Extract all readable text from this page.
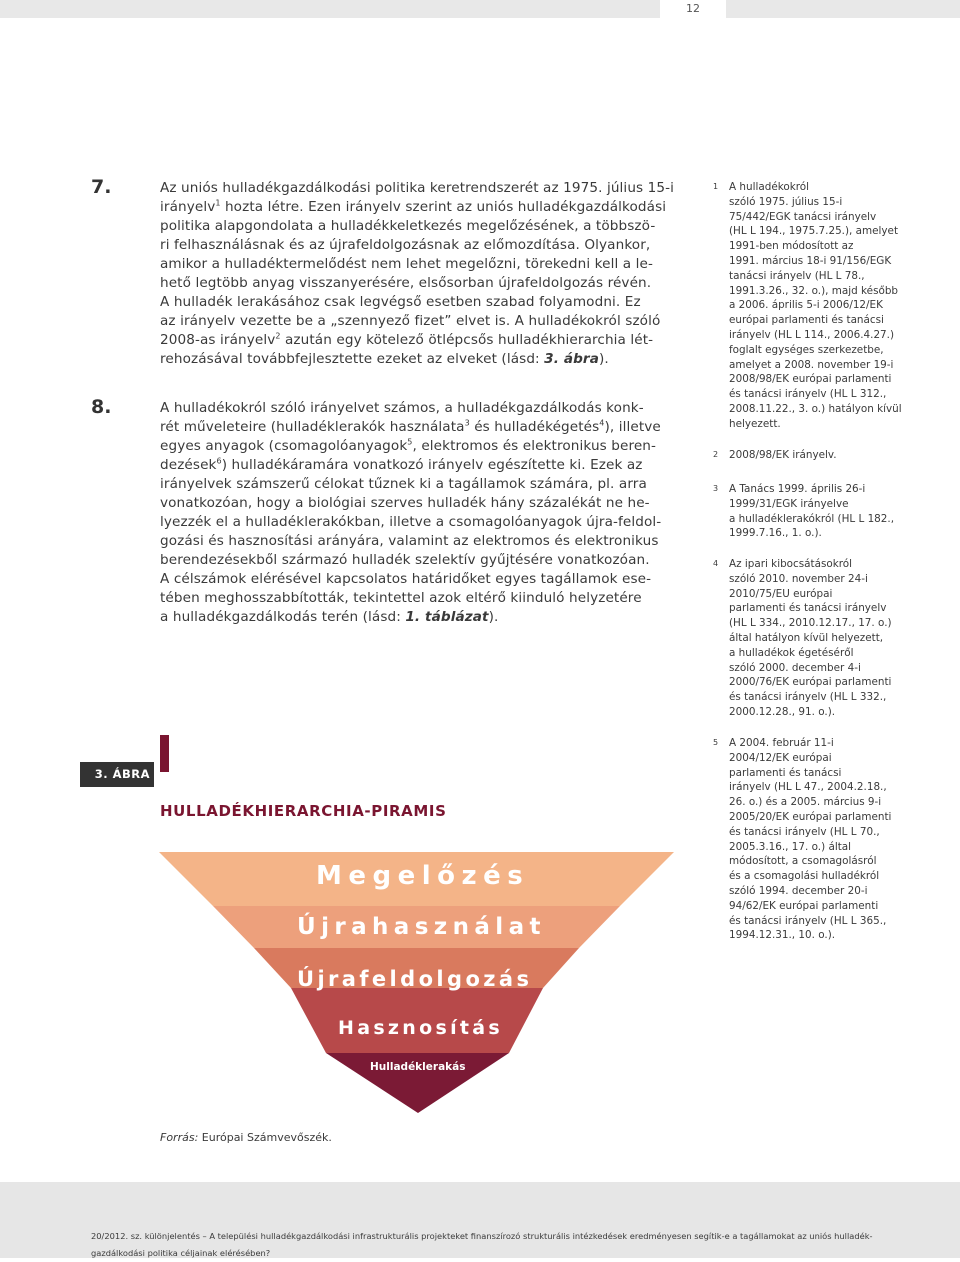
12
7.	Az uniós hulladékgazdálkodási politika keretrendszerét az 1975. július 15-i
irányelv$^1$ hozta létre. Ezen irányelv szerint az uniós hulladékgazdálkodási
politika alapgondolata a hulladékkeletkezés megelőzésének, a többszö-
ri felhasználásnak és az újrafeldolgozásnak az előmozdítása. Olyankor,
amikor a hulladéktermelődést nem lehet megelőzni, törekedni kell a le-
hető legtöbb anyag visszanyerésére, elsősorban újrafeldolgozás révén.
A hulladék lerakásához csak legvégső esetben szabad folyamodni. Ez
az irányelv vezette be a „szennyező fizet” elvet is. A hulladékokról szóló
2008-as irányelv$^2$ azután egy kötelező ötlépcsős hulladékhierarchia lét-
rehozásával továbbfejlesztette ezeket az elveket (lásd: 3. ábra).
8.	A hulladékokról szóló irányelvet számos, a hulladékgazdálkodás konk-
rét műveleteire (hulladéklerakók használata$^3$ és hulladékégetés$^4$), illetve
egyes anyagok (csomagolóanyagok$^5$, elektromos és elektronikus beren-
dezések$^6$) hulladékáramára vonatkozó irányelv egészítette ki. Ezek az
irányelvek számszerű célokat tűznek ki a tagállamok számára, pl. arra
vonatkozóan, hogy a biológiai szerves hulladék hány százalékát ne he-
lyezzék el a hulladéklerakókban, illetve a csomagolóanyagok újra-feldol-
gozási és hasznosítási arányára, valamint az elektromos és elektronikus
berendezésekből származó hulladék szelektív gyűjtésére vonatkozóan.
A célszámok elérésével kapcsolatos határidőket egyes tagállamok ese-
tében meghosszabbították, tekintettel azok eltérő kiinduló helyzetére
a hulladékgazdálkodás terén (lásd: 1. táblázat).
1 A hulladékokról
szóló 1975. július 15-i
75/442/EGK tanácsi irányelv
(HL L 194., 1975.7.25.), amelyet
1991-ben módosított az
1991. március 18-i 91/156/EGK
tanácsi irányelv (HL L 78.,
1991.3.26., 32. o.), majd később
a 2006. április 5-i 2006/12/EK
európai parlamenti és tanácsi
irányelv (HL L 114., 2006.4.27.)
foglalt egységes szerkezetbe,
amelyet a 2008. november 19-i
2008/98/EK európai parlamenti
és tanácsi irányelv (HL L 312.,
2008.11.22., 3. o.) hatályon kívül
helyezett.
2 2008/98/EK irányelv.
3 A Tanács 1999. április 26-i
1999/31/EGK irányelve
a hulladéklerakókról (HL L 182.,
1999.7.16., 1. o.).
4 Az ipari kibocsátásokról
szóló 2010. november 24-i
2010/75/EU európai
parlamenti és tanácsi irányelv
(HL L 334., 2010.12.17., 17. o.)
által hatályon kívül helyezett,
a hulladékok égetéséről
szóló 2000. december 4-i
2000/76/EK európai parlamenti
és tanácsi irányelv (HL L 332.,
2000.12.28., 91. o.).
5 A 2004. február 11-i
2004/12/EK európai
parlamenti és tanácsi
irányelv (HL L 47., 2004.2.18.,
26. o.) és a 2005. március 9-i
2005/20/EK európai parlamenti
és tanácsi irányelv (HL L 70.,
2005.3.16., 17. o.) által
módosított, a csomagolásról
és a csomagolási hulladékról
szóló 1994. december 20-i
94/62/EK európai parlamenti
és tanácsi irányelv (HL L 365.,
1994.12.31., 10. o.).
3. ÁBRA
HULLADÉKHIERARCHIA-PIRAMIS
Megelőzés
Újrahasználat
Újrafeldolgozás
Hasznosítás
Hulladéklerakás
Forrás: Európai Számvevőszék.
20/2012. sz. különjelentés – A települési hulladékgazdálkodási infrastrukturális projekteket finanszírozó strukturális intézkedések eredményesen segítik-e a tagállamokat az uniós hulladék-
gazdálkodási politika céljainak elérésében?
